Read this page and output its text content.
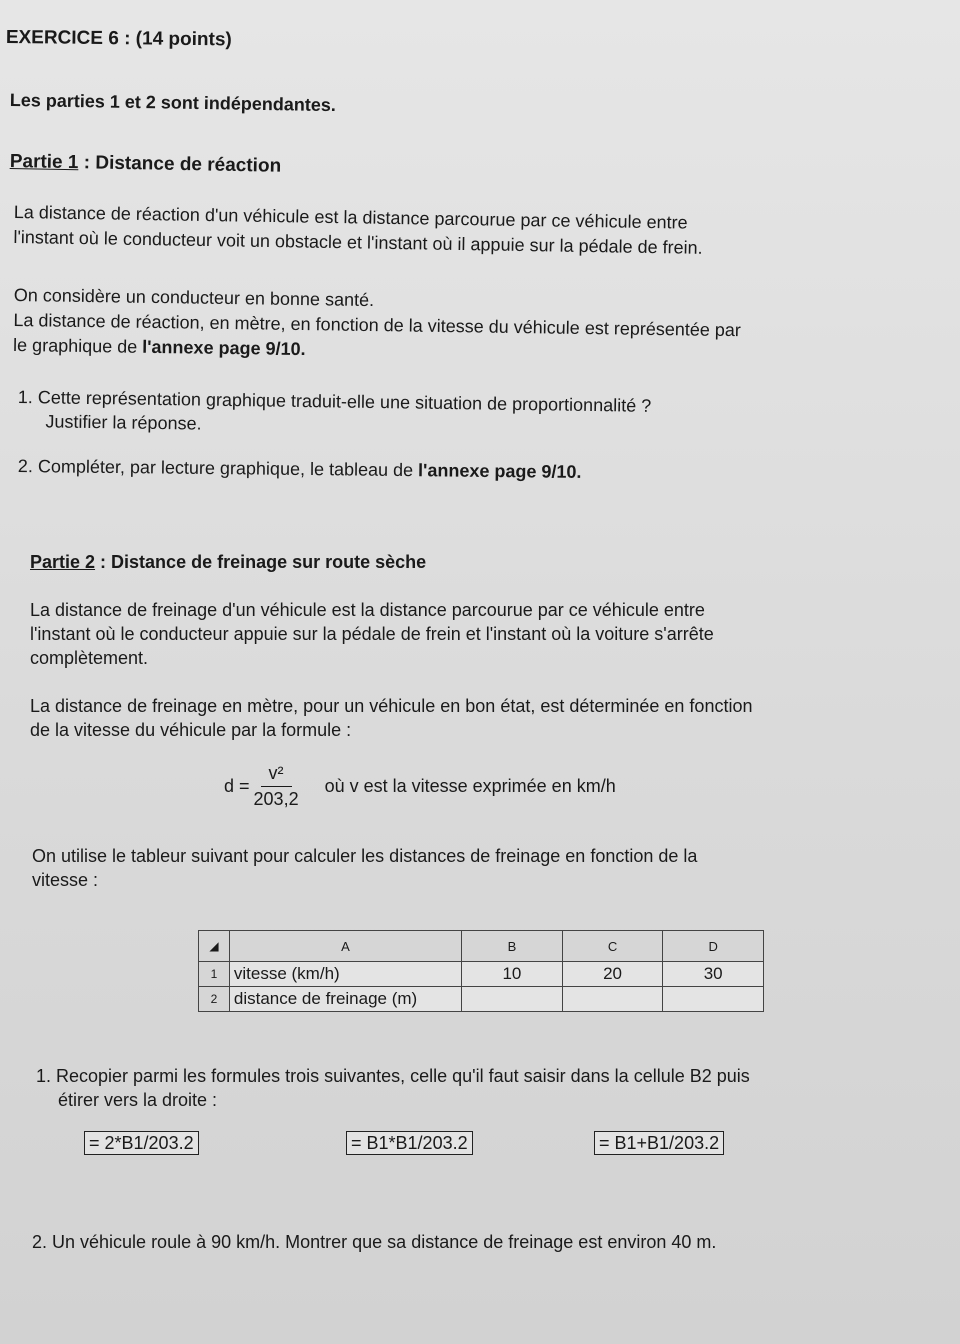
EXERCICE 6 : (14 points)
Les parties 1 et 2 sont indépendantes.
Partie 1 : Distance de réaction
La distance de réaction d'un véhicule est la distance parcourue par ce véhicule entre
l'instant où le conducteur voit un obstacle et l'instant où il appuie sur la pédale de frein.
On considère un conducteur en bonne santé.
La distance de réaction, en mètre, en fonction de la vitesse du véhicule est représentée par
le graphique de l'annexe page 9/10.
1. Cette représentation graphique traduit-elle une situation de proportionnalité ?
Justifier la réponse.
2. Compléter, par lecture graphique, le tableau de l'annexe page 9/10.
Partie 2 : Distance de freinage sur route sèche
La distance de freinage d'un véhicule est la distance parcourue par ce véhicule entre
l'instant où le conducteur appuie sur la pédale de frein et l'instant où la voiture s'arrête
complètement.
La distance de freinage en mètre, pour un véhicule en bon état, est déterminée en fonction
de la vitesse du véhicule par la formule :
$d = \frac{\text{v²}}{203,2}$ où v est la vitesse exprimée en km/h
On utilise le tableur suivant pour calculer les distances de freinage en fonction de la
vitesse :
◢	A	B	C	D
1	vitesse (km/h)	10	20	30
2	distance de freinage (m)			
1. Recopier parmi les formules trois suivantes, celle qu'il faut saisir dans la cellule B2 puis
étirer vers la droite :
= 2*B1/203.2	= B1*B1/203.2	= B1+B1/203.2
2. Un véhicule roule à 90 km/h. Montrer que sa distance de freinage est environ 40 m.
